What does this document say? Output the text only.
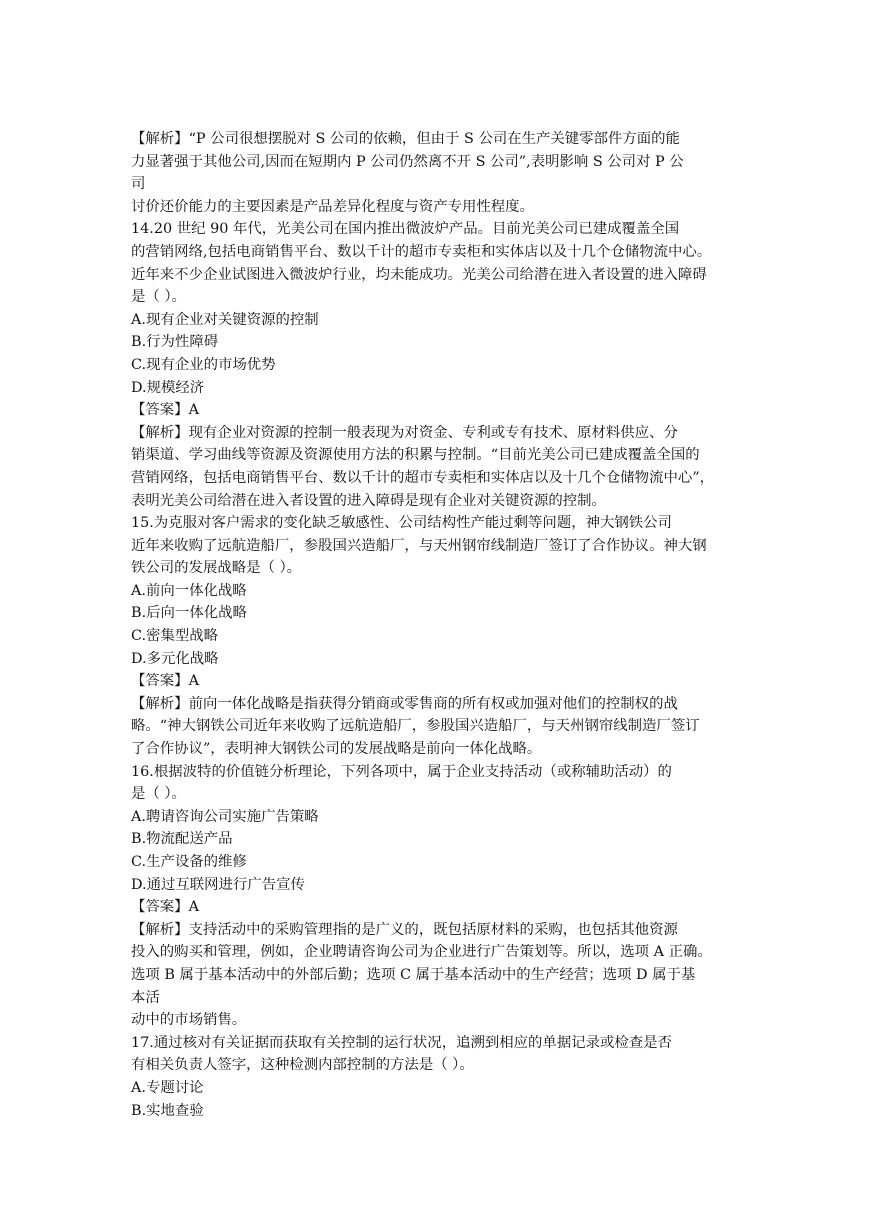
【解析】“P 公司很想摆脱对 S 公司的依赖，但由于 S 公司在生产关键零部件方面的能
力显著强于其他公司,因而在短期内 P 公司仍然离不开 S 公司”,表明影响 S 公司对 P 公
司
讨价还价能力的主要因素是产品差异化程度与资产专用性程度。
14.20 世纪 90 年代，光美公司在国内推出微波炉产品。目前光美公司已建成覆盖全国
的营销网络,包括电商销售平台、数以千计的超市专卖柜和实体店以及十几个仓储物流中心。
近年来不少企业试图进入微波炉行业，均未能成功。光美公司给潜在进入者设置的进入障碍
是（ ）。
A.现有企业对关键资源的控制
B.行为性障碍
C.现有企业的市场优势
D.规模经济
【答案】A
【解析】现有企业对资源的控制一般表现为对资金、专利或专有技术、原材料供应、分
销渠道、学习曲线等资源及资源使用方法的积累与控制。“目前光美公司已建成覆盖全国的
营销网络，包括电商销售平台、数以千计的超市专卖柜和实体店以及十几个仓储物流中心”，
表明光美公司给潜在进入者设置的进入障碍是现有企业对关键资源的控制。
15.为克服对客户需求的变化缺乏敏感性、公司结构性产能过剩等问题，神大钢铁公司
近年来收购了远航造船厂，参股国兴造船厂，与天州钢帘线制造厂签订了合作协议。神大钢
铁公司的发展战略是（ ）。
A.前向一体化战略
B.后向一体化战略
C.密集型战略
D.多元化战略
【答案】A
【解析】前向一体化战略是指获得分销商或零售商的所有权或加强对他们的控制权的战
略。“神大钢铁公司近年来收购了远航造船厂，参股国兴造船厂，与天州钢帘线制造厂签订
了合作协议”，表明神大钢铁公司的发展战略是前向一体化战略。
16.根据波特的价值链分析理论，下列各项中，属于企业支持活动（或称辅助活动）的
是（ ）。
A.聘请咨询公司实施广告策略
B.物流配送产品
C.生产设备的维修
D.通过互联网进行广告宣传
【答案】A
【解析】支持活动中的采购管理指的是广义的，既包括原材料的采购，也包括其他资源
投入的购买和管理，例如，企业聘请咨询公司为企业进行广告策划等。所以，选项 A 正确。
选项 B 属于基本活动中的外部后勤；选项 C 属于基本活动中的生产经营；选项 D 属于基
本活
动中的市场销售。
17.通过核对有关证据而获取有关控制的运行状况，追溯到相应的单据记录或检查是否
有相关负责人签字，这种检测内部控制的方法是（ ）。
A.专题讨论
B.实地查验
